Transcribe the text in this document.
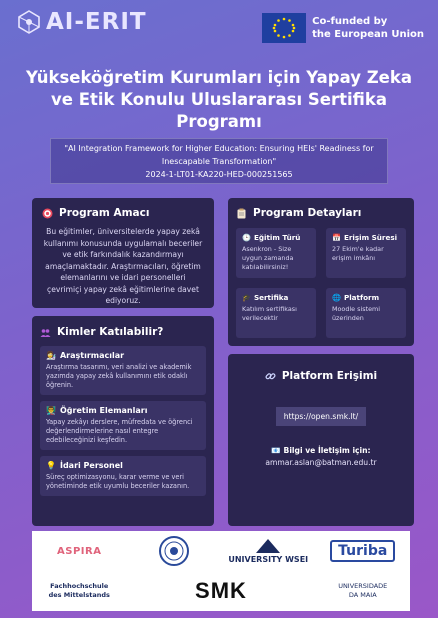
AI-ERIT	Co-funded by
the European Union
Yükseköğretim Kurumları için Yapay Zeka ve Etik Konulu Uluslararası Sertifika Programı
"AI Integration Framework for Higher Education: Ensuring HEIs' Readiness for Inescapable Transformation"
2024-1-LT01-KA220-HED-000251565
Program Amacı

Bu eğitimler, üniversitelerde yapay zekâ kullanımı konusunda uygulamalı beceriler ve etik farkındalık kazandırmayı amaçlamaktadır. Araştırmacıları, öğretim elemanlarını ve idari personelleri çevrimiçi yapay zekâ eğitimlerine davet ediyoruz.

Program Detayları
🕒 Eğitim Türü

Asenkron - Size uygun zamanda katılabilirsiniz!

📅 Erişim Süresi

27 Ekim'e kadar erişim imkânı

🎓 Sertifika

Katılım sertifikası verilecektir

🌐 Platform

Moodle sistemi üzerinden

Kimler Katılabilir?
👩‍🔬 Araştırmacılar

Araştırma tasarımı, veri analizi ve akademik yazımda yapay zekâ kullanımını etik odaklı öğrenin.

👨‍🏫 Öğretim Elemanları

Yapay zekâyı derslere, müfredata ve öğrenci değerlendirmelerine nasıl entegre edebileceğinizi keşfedin.

💡 İdari Personel

Süreç optimizasyonu, karar verme ve veri yönetiminde etik uyumlu beceriler kazanın.

Platform Erişimi
https://open.smk.lt/
📧 Bilgi ve İletişim için:
ammar.aslan@batman.edu.tr
ASPIRA
UNIVERSITY WSEI	Turiba
Fachhochschule
des Mittelstands	SMK	UNIVERSIDADE
DA MAIA
